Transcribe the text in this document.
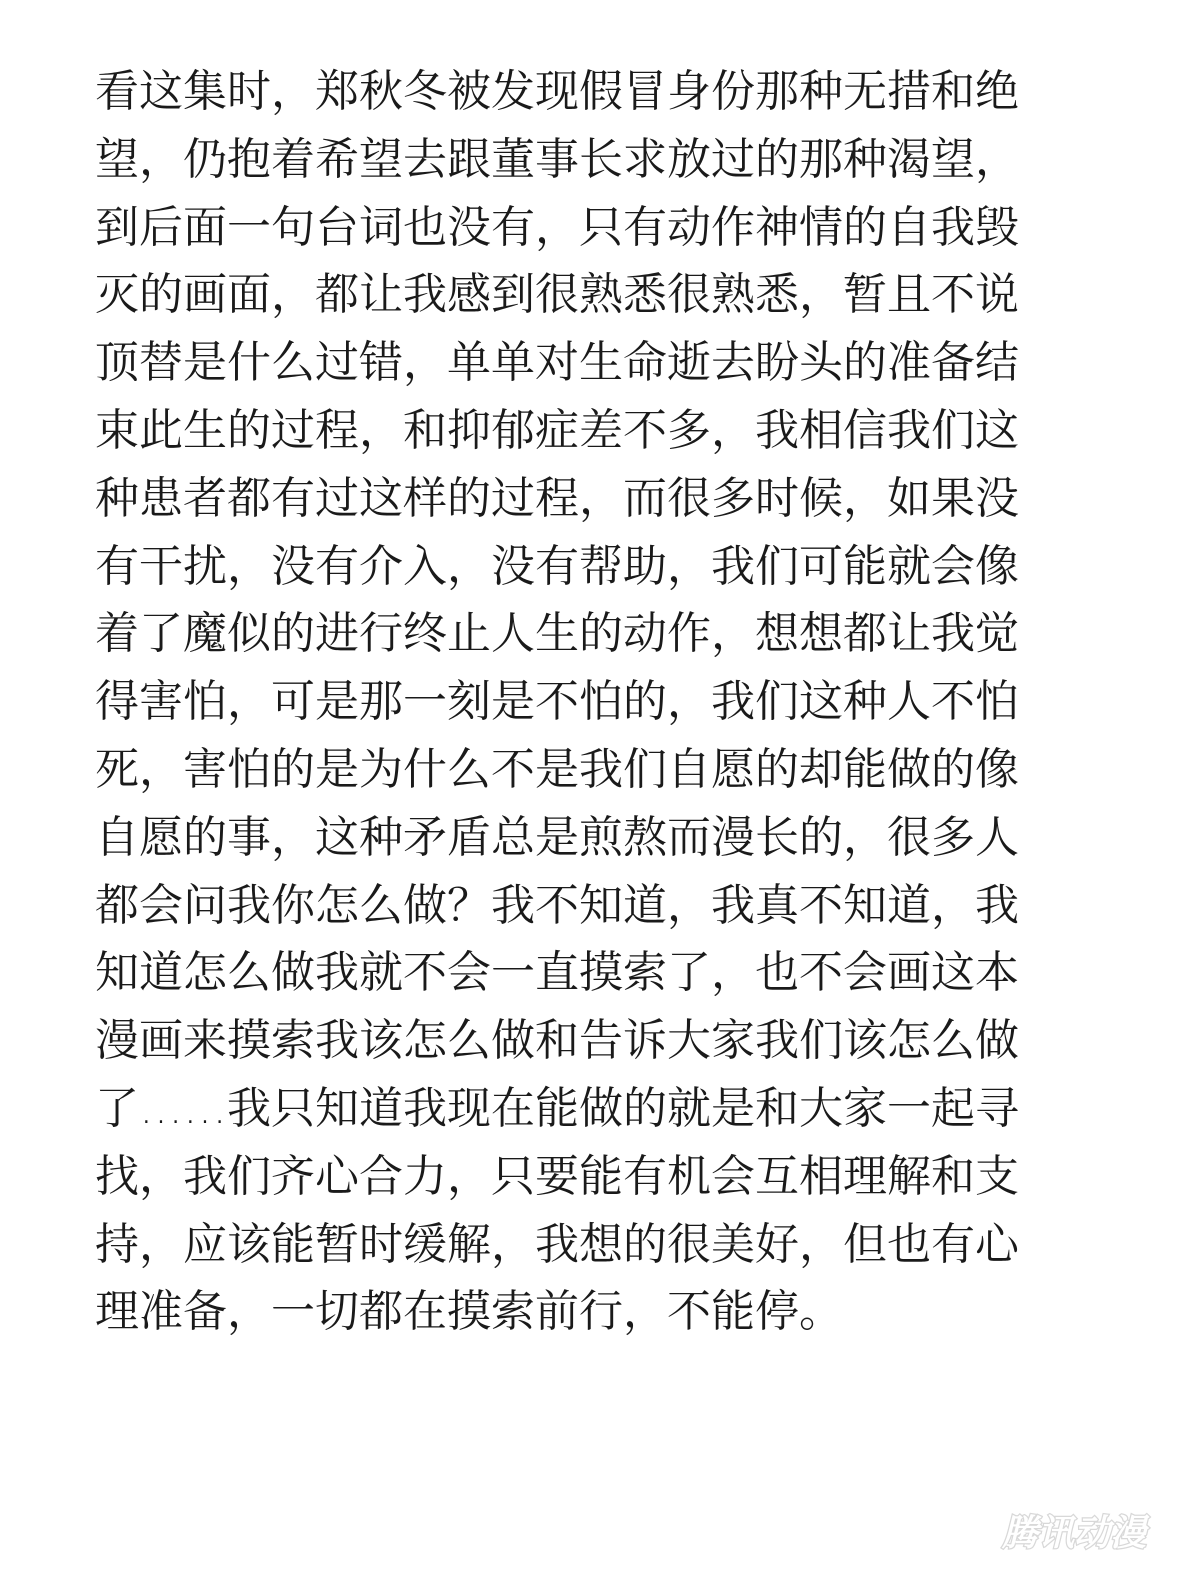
看这集时，郑秋冬被发现假冒身份那种无措和绝
望，仍抱着希望去跟董事长求放过的那种渴望，
到后面一句台词也没有，只有动作神情的自我毁
灭的画面，都让我感到很熟悉很熟悉，暂且不说
顶替是什么过错，单单对生命逝去盼头的准备结
束此生的过程，和抑郁症差不多，我相信我们这
种患者都有过这样的过程，而很多时候，如果没
有干扰，没有介入，没有帮助，我们可能就会像
着了魔似的进行终止人生的动作，想想都让我觉
得害怕，可是那一刻是不怕的，我们这种人不怕
死，害怕的是为什么不是我们自愿的却能做的像
自愿的事，这种矛盾总是煎熬而漫长的，很多人
都会问我你怎么做？我不知道，我真不知道，我
知道怎么做我就不会一直摸索了，也不会画这本
漫画来摸索我该怎么做和告诉大家我们该怎么做
了……我只知道我现在能做的就是和大家一起寻
找，我们齐心合力，只要能有机会互相理解和支
持，应该能暂时缓解，我想的很美好，但也有心
理准备，一切都在摸索前行，不能停。
腾讯动漫
